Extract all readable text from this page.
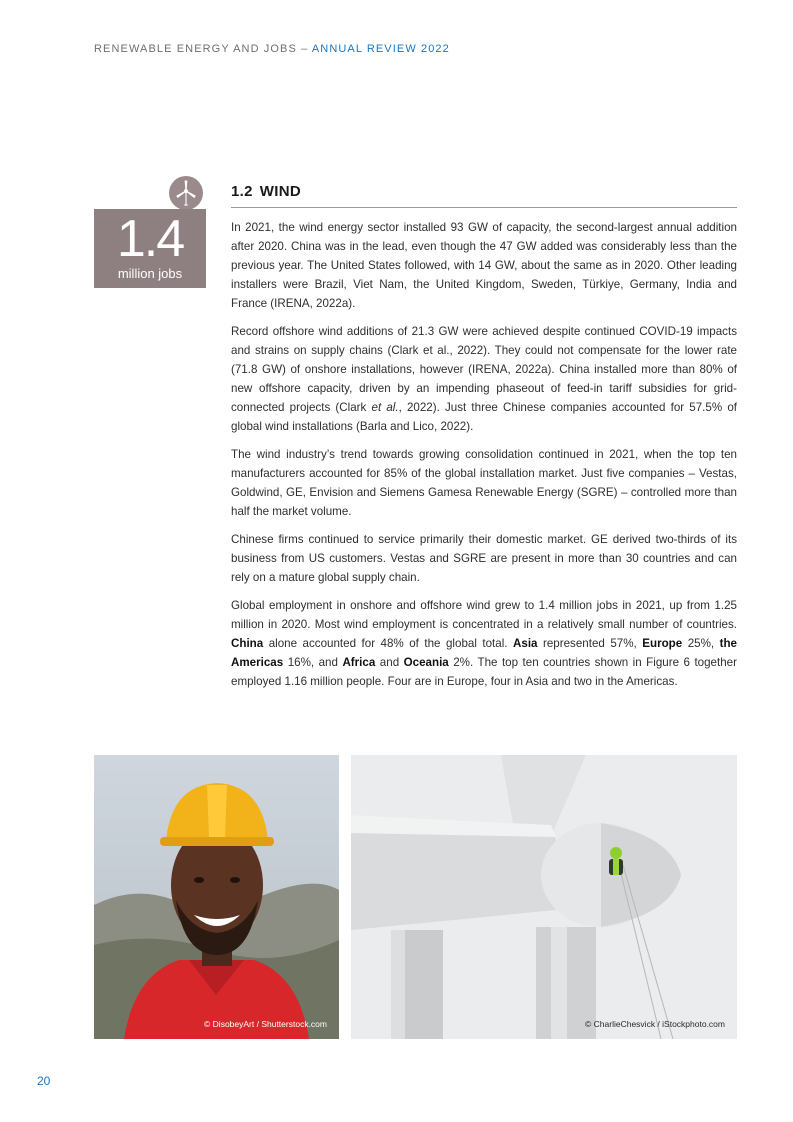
RENEWABLE ENERGY AND JOBS – ANNUAL REVIEW 2022
1.4
million jobs
1.2 WIND

In 2021, the wind energy sector installed 93 GW of capacity, the second-largest annual addition after 2020. China was in the lead, even though the 47 GW added was considerably less than the previous year. The United States followed, with 14 GW, about the same as in 2020. Other leading installers were Brazil, Viet Nam, the United Kingdom, Sweden, Türkiye, Germany, India and France (IRENA, 2022a).

Record offshore wind additions of 21.3 GW were achieved despite continued COVID-19 impacts and strains on supply chains (Clark et al., 2022). They could not compensate for the lower rate (71.8 GW) of onshore installations, however (IRENA, 2022a). China installed more than 80% of new offshore capacity, driven by an impending phaseout of feed-in tariff subsidies for grid-connected projects (Clark et al., 2022). Just three Chinese companies accounted for 57.5% of global wind installations (Barla and Lico, 2022).

The wind industry’s trend towards growing consolidation continued in 2021, when the top ten manufacturers accounted for 85% of the global installation market. Just five companies – Vestas, Goldwind, GE, Envision and Siemens Gamesa Renewable Energy (SGRE) – controlled more than half the market volume.

Chinese firms continued to service primarily their domestic market. GE derived two-thirds of its business from US customers. Vestas and SGRE are present in more than 30 countries and can rely on a mature global supply chain.

Global employment in onshore and offshore wind grew to 1.4 million jobs in 2021, up from 1.25 million in 2020. Most wind employment is concentrated in a relatively small number of countries. China alone accounted for 48% of the global total. Asia represented 57%, Europe 25%, the Americas 16%, and Africa and Oceania 2%. The top ten countries shown in Figure 6 together employed 1.16 million people. Four are in Europe, four in Asia and two in the Americas.

© DisobeyArt / Shutterstock.com	© CharlieChesvick / iStockphoto.com
20
